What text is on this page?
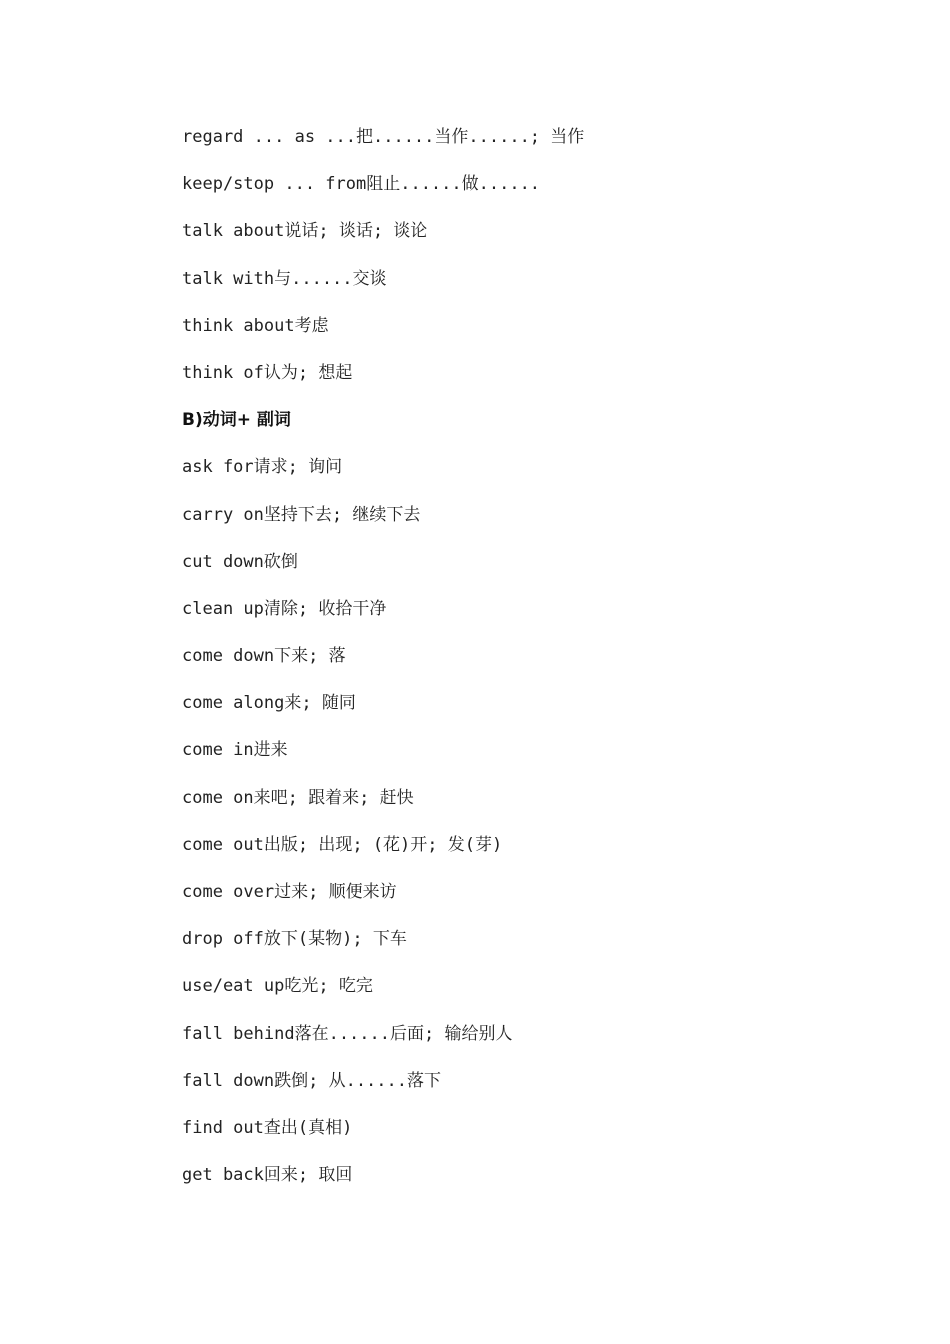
regard ... as ...把......当作......; 当作
keep/stop ... from阻止......做......
talk about说话; 谈话; 谈论
talk with与......交谈
think about考虑
think of认为; 想起
B)动词+ 副词
ask for请求; 询问
carry on坚持下去; 继续下去
cut down砍倒
clean up清除; 收拾干净
come down下来; 落
come along来; 随同
come in进来
come on来吧; 跟着来; 赶快
come out出版; 出现; (花)开; 发(芽)
come over过来; 顺便来访
drop off放下(某物); 下车
use/eat up吃光; 吃完
fall behind落在......后面; 输给别人
fall down跌倒; 从......落下
find out查出(真相)
get back回来; 取回
